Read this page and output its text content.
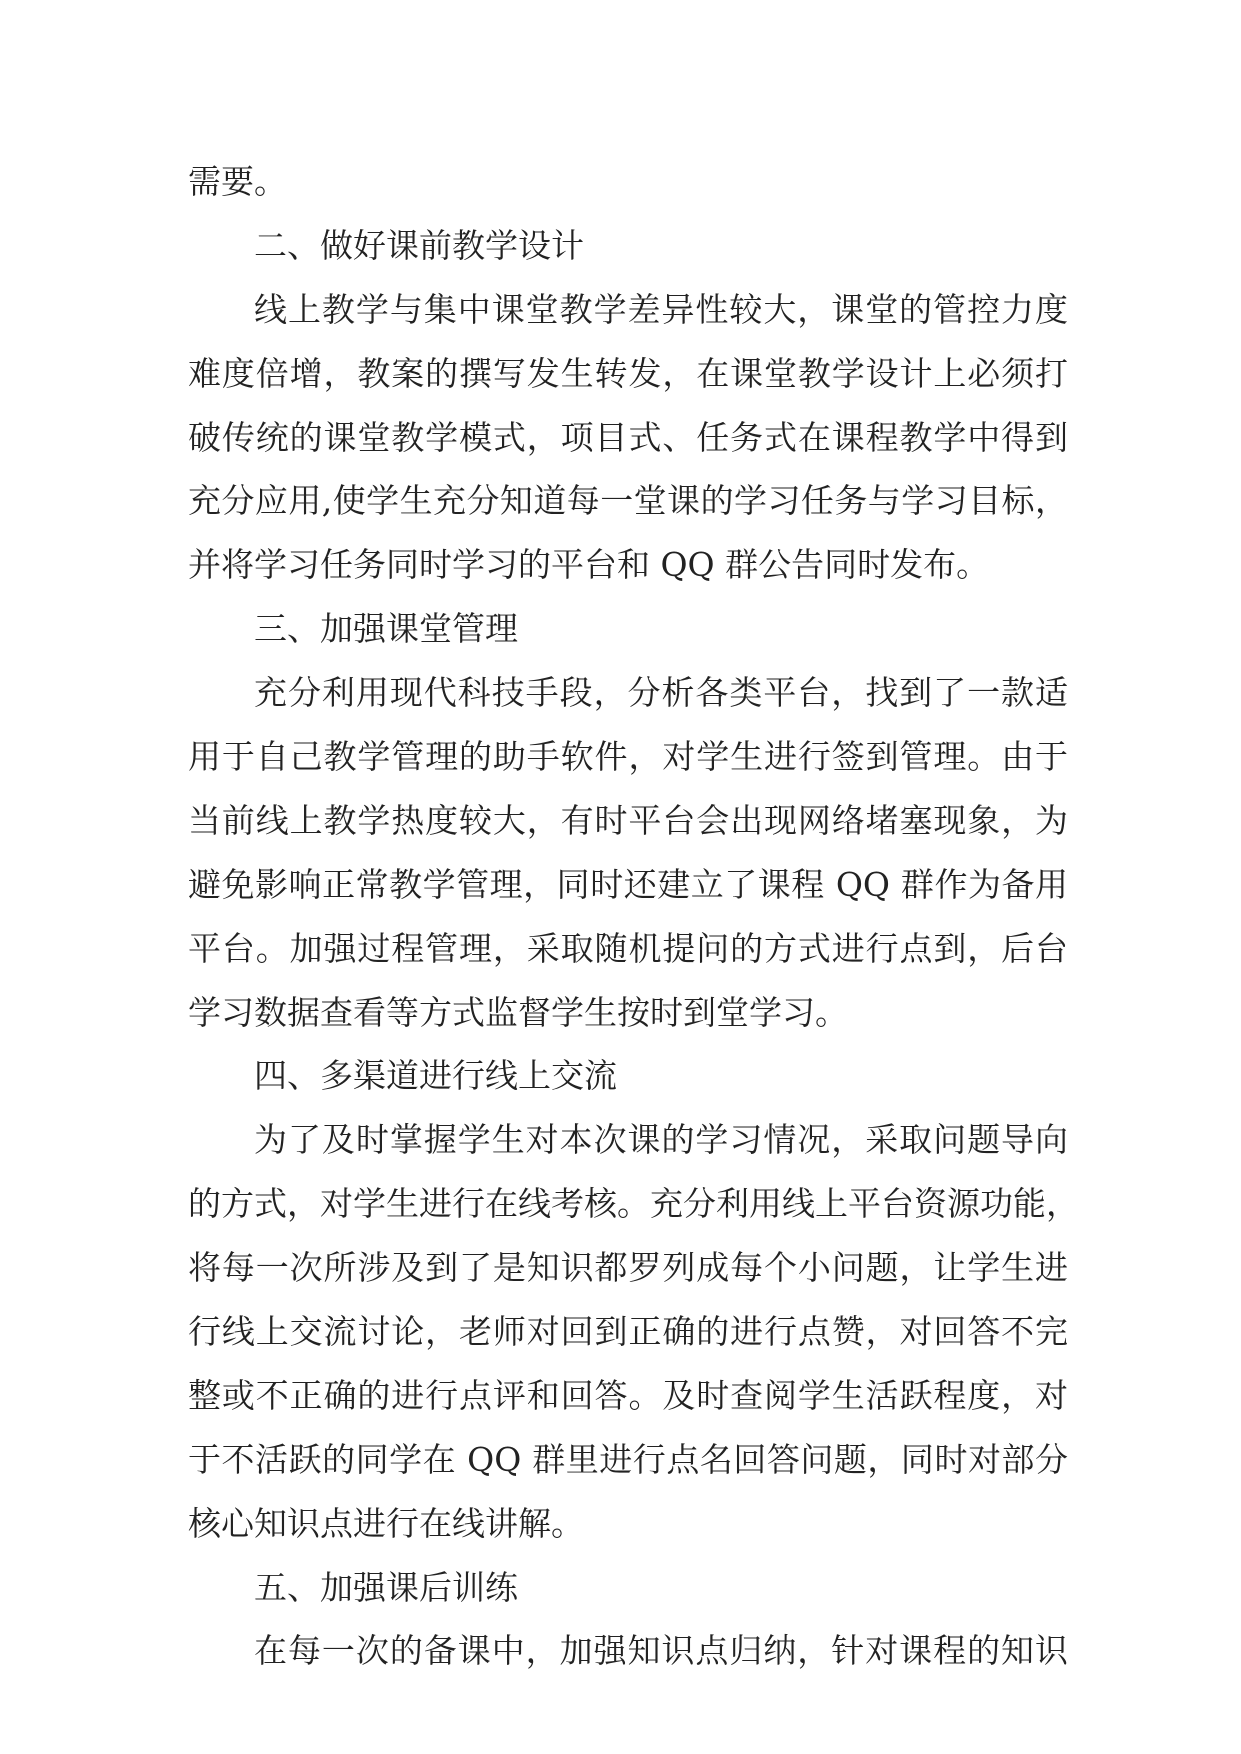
需要。
二、做好课前教学设计
线上教学与集中课堂教学差异性较大，课堂的管控力度
难度倍增，教案的撰写发生转发，在课堂教学设计上必须打
破传统的课堂教学模式，项目式、任务式在课程教学中得到
充分应用,使学生充分知道每一堂课的学习任务与学习目标，
并将学习任务同时学习的平台和 QQ 群公告同时发布。
三、加强课堂管理
充分利用现代科技手段，分析各类平台，找到了一款适
用于自己教学管理的助手软件，对学生进行签到管理。由于
当前线上教学热度较大，有时平台会出现网络堵塞现象，为
避免影响正常教学管理，同时还建立了课程 QQ 群作为备用
平台。加强过程管理，采取随机提问的方式进行点到，后台
学习数据查看等方式监督学生按时到堂学习。
四、多渠道进行线上交流
为了及时掌握学生对本次课的学习情况，采取问题导向
的方式，对学生进行在线考核。充分利用线上平台资源功能，
将每一次所涉及到了是知识都罗列成每个小问题，让学生进
行线上交流讨论，老师对回到正确的进行点赞，对回答不完
整或不正确的进行点评和回答。及时查阅学生活跃程度，对
于不活跃的同学在 QQ 群里进行点名回答问题，同时对部分
核心知识点进行在线讲解。
五、加强课后训练
在每一次的备课中，加强知识点归纳，针对课程的知识
